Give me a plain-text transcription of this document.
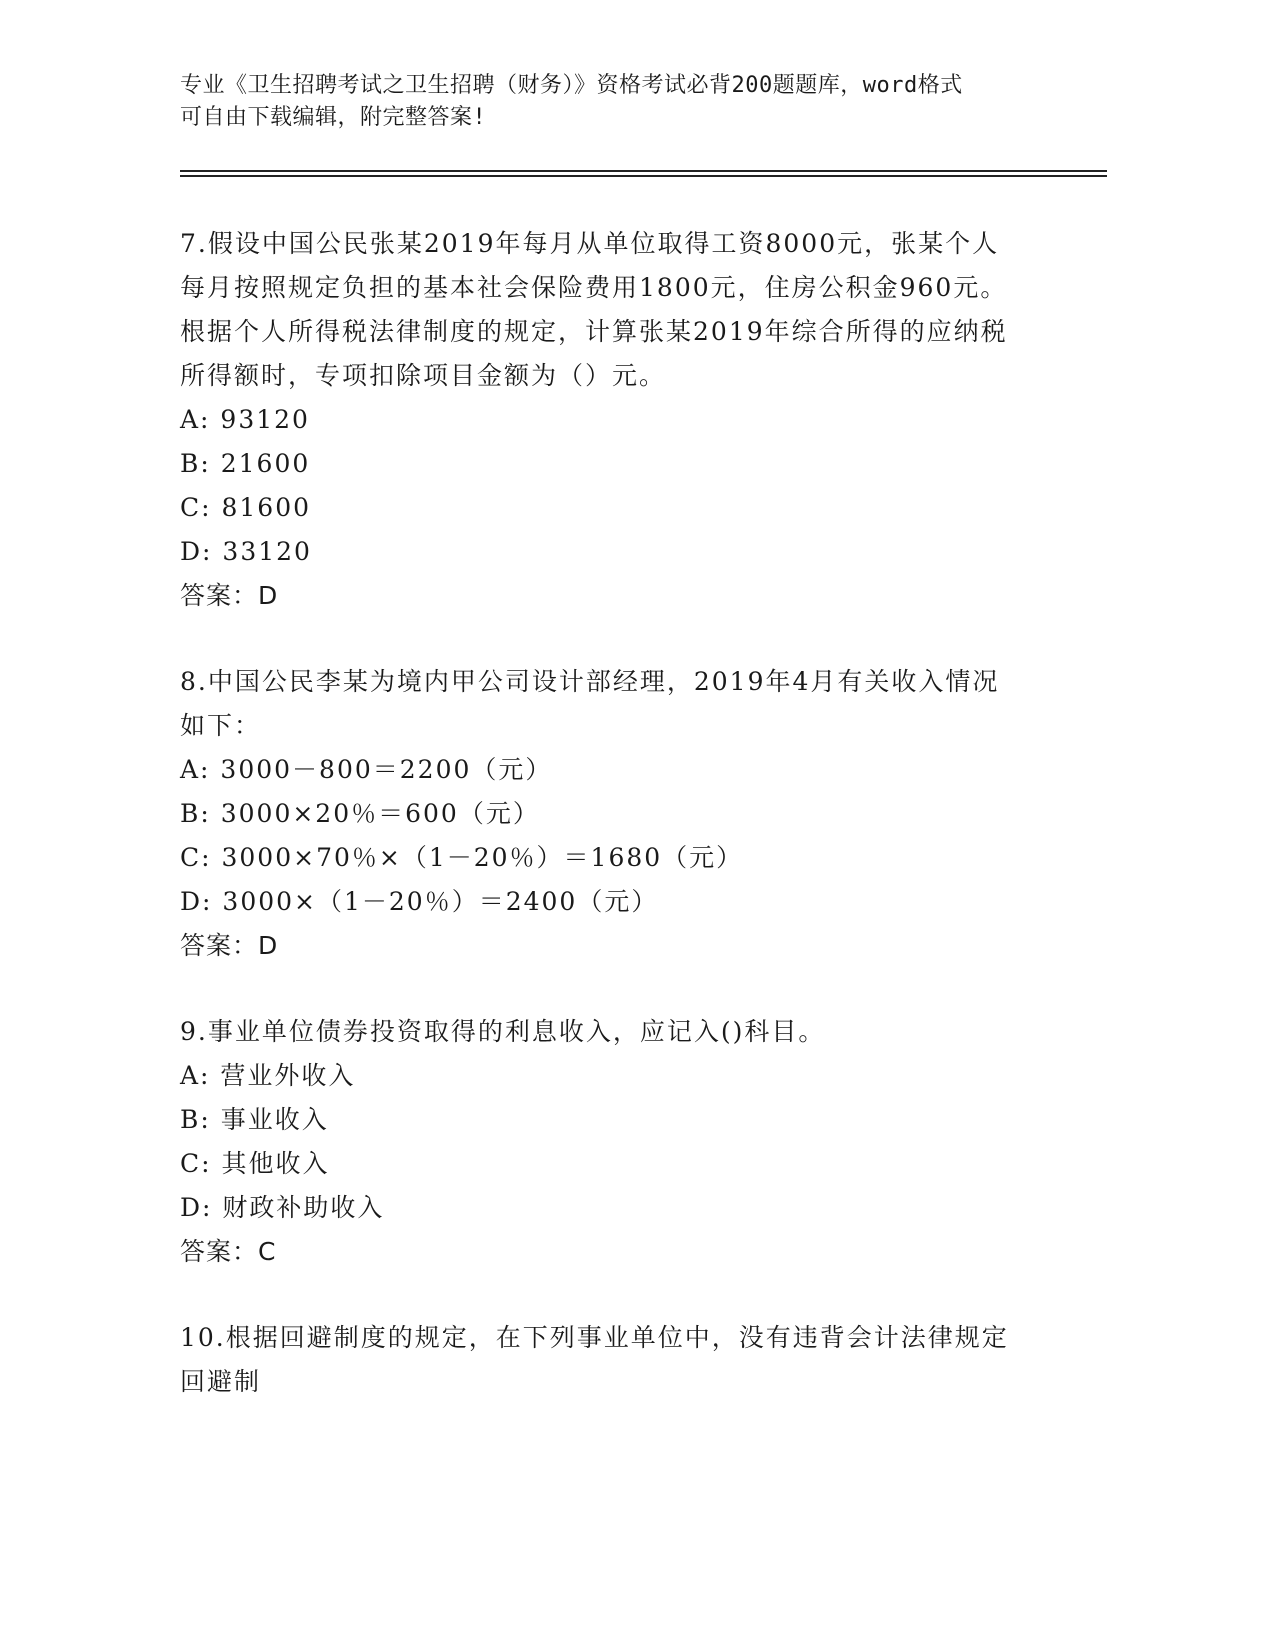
专业《卫生招聘考试之卫生招聘（财务）》资格考试必背200题题库，word格式
可自由下载编辑，附完整答案!
7.假设中国公民张某2019年每月从单位取得工资8000元，张某个人
每月按照规定负担的基本社会保险费用1800元，住房公积金960元。
根据个人所得税法律制度的规定，计算张某2019年综合所得的应纳税
所得额时，专项扣除项目金额为（）元。
A: 93120
B: 21600
C: 81600
D: 33120
答案：D
8.中国公民李某为境内甲公司设计部经理，2019年4月有关收入情况
如下：
A: 3000－800＝2200（元）
B: 3000×20％＝600（元）
C: 3000×70％×（1－20％）＝1680（元）
D: 3000×（1－20％）＝2400（元）
答案：D
9.事业单位债券投资取得的利息收入，应记入()科目。
A: 营业外收入
B: 事业收入
C: 其他收入
D: 财政补助收入
答案：C
10.根据回避制度的规定，在下列事业单位中，没有违背会计法律规定
回避制
